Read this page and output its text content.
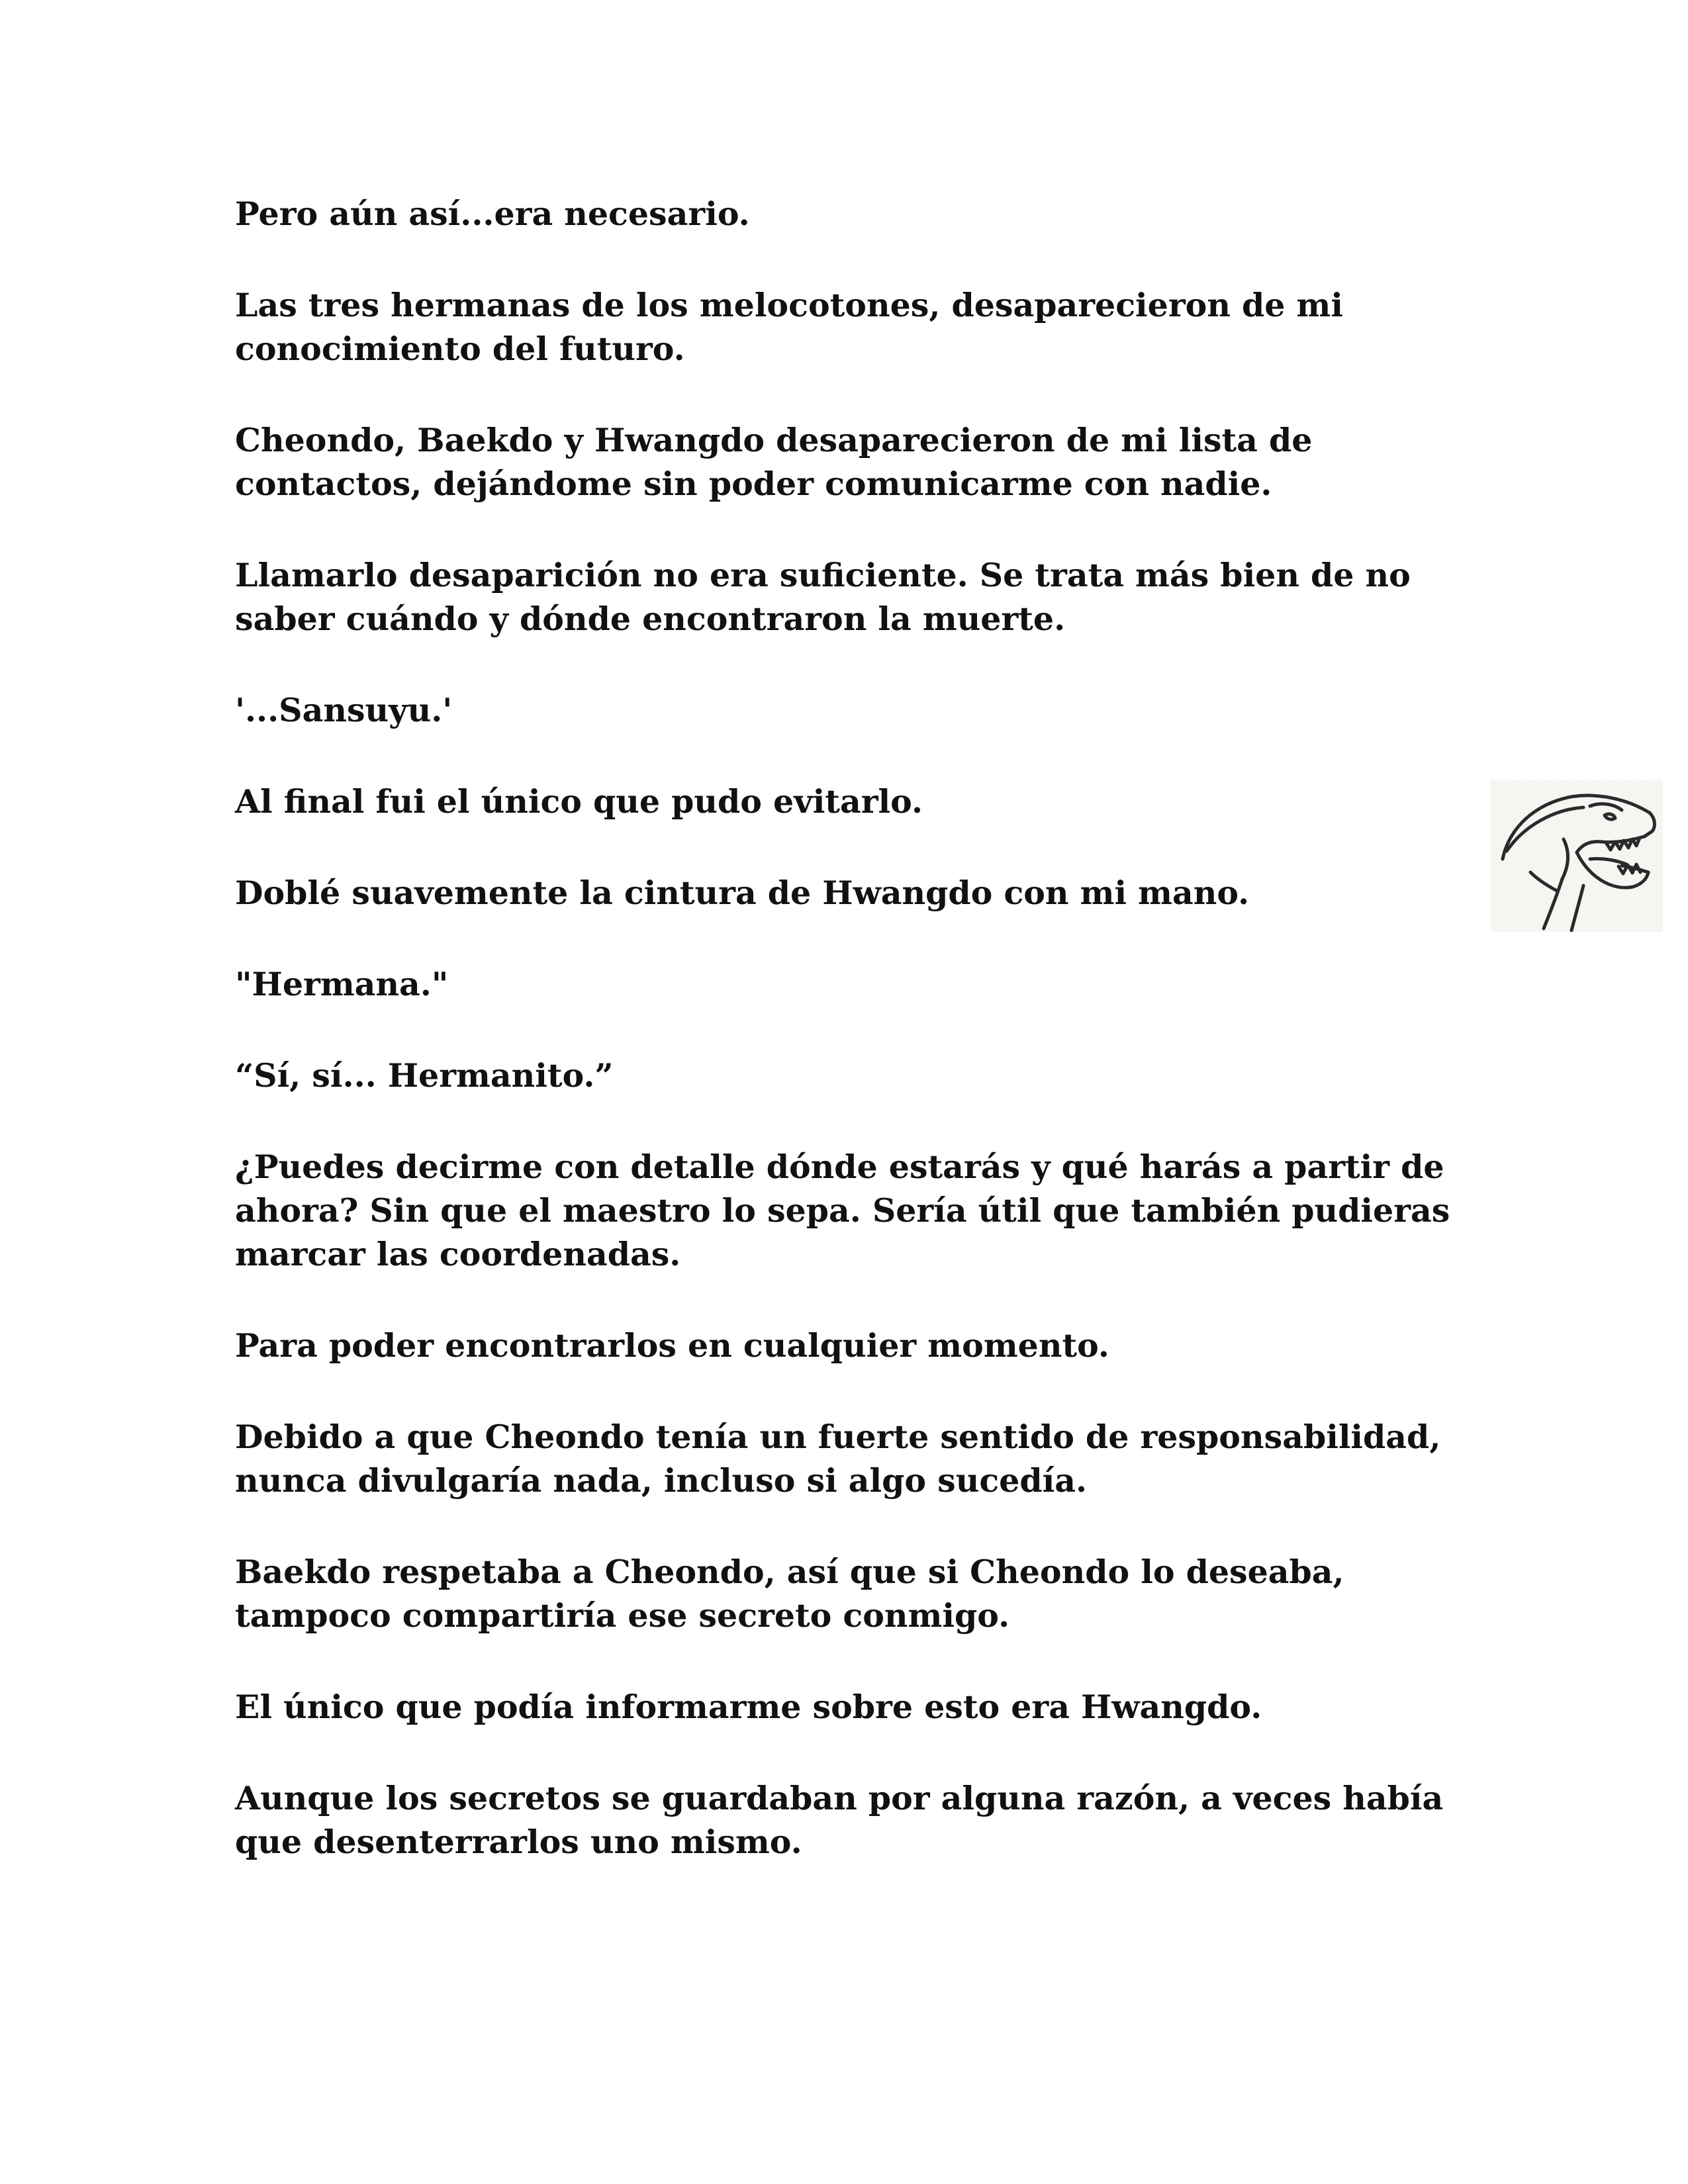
Pero aún así...era necesario.

Las tres hermanas de los melocotones, desaparecieron de mi conocimiento del futuro.

Cheondo, Baekdo y Hwangdo desaparecieron de mi lista de contactos, dejándome sin poder comunicarme con nadie.

Llamarlo desaparición no era suficiente. Se trata más bien de no saber cuándo y dónde encontraron la muerte.

'...Sansuyu.'

Al final fui el único que pudo evitarlo.

Doblé suavemente la cintura de Hwangdo con mi mano.

"Hermana."

“Sí, sí... Hermanito.”

¿Puedes decirme con detalle dónde estarás y qué harás a partir de ahora? Sin que el maestro lo sepa. Sería útil que también pudieras marcar las coordenadas.

Para poder encontrarlos en cualquier momento.

Debido a que Cheondo tenía un fuerte sentido de responsabilidad, nunca divulgaría nada, incluso si algo sucedía.

Baekdo respetaba a Cheondo, así que si Cheondo lo deseaba, tampoco compartiría ese secreto conmigo.

El único que podía informarme sobre esto era Hwangdo.

Aunque los secretos se guardaban por alguna razón, a veces había que desenterrarlos uno mismo.
